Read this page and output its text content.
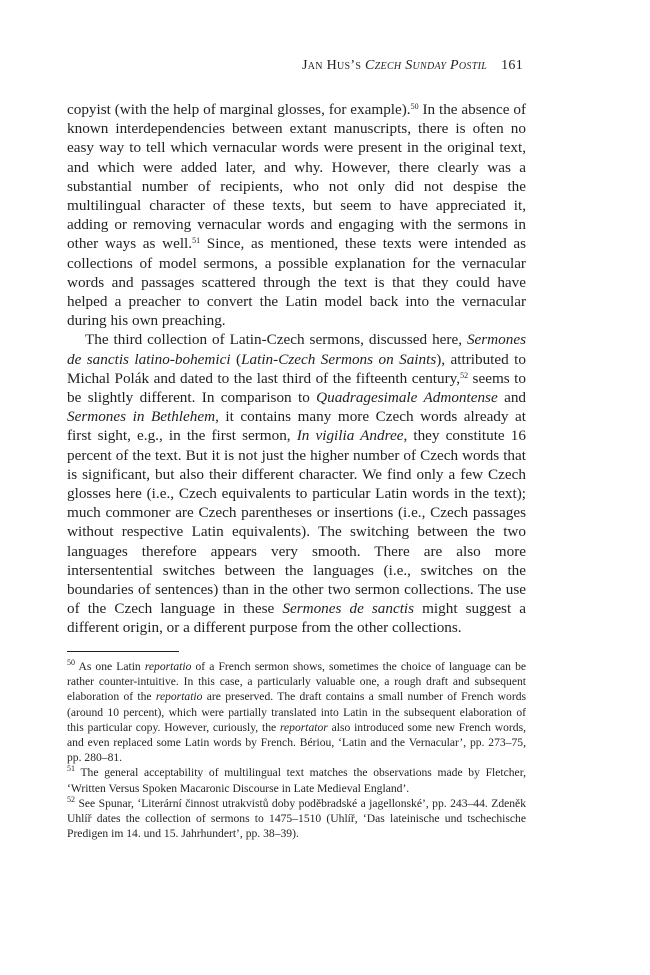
Jan Hus’s Czech Sunday Postil 161

copyist (with the help of marginal glosses, for example).$^{50}$ In the absence of known interdependencies between extant manuscripts, there is often no easy way to tell which vernacular words were present in the original text, and which were added later, and why. However, there clearly was a substantial number of recipients, who not only did not despise the multilingual character of these texts, but seem to have appreciated it, adding or removing vernacular words and engaging with the sermons in other ways as well.$^{51}$ Since, as mentioned, these texts were intended as collections of model sermons, a possible explanation for the vernacular words and passages scattered through the text is that they could have helped a preacher to convert the Latin model back into the vernacular during his own preaching.

The third collection of Latin-Czech sermons, discussed here, Sermones de sanctis latino-bohemici (Latin-Czech Sermons on Saints), attributed to Michal Polák and dated to the last third of the fifteenth century,$^{52}$ seems to be slightly different. In comparison to Quadragesimale Admontense and Sermones in Bethlehem, it contains many more Czech words already at first sight, e.g., in the first sermon, In vigilia Andree, they constitute 16 percent of the text. But it is not just the higher number of Czech words that is significant, but also their different character. We find only a few Czech glosses here (i.e., Czech equivalents to particular Latin words in the text); much commoner are Czech parentheses or insertions (i.e., Czech passages without respective Latin equivalents). The switching between the two languages therefore appears very smooth. There are also more intersentential switches between the languages (i.e., switches on the boundaries of sentences) than in the other two sermon collections. The use of the Czech language in these Sermones de sanctis might suggest a different origin, or a different purpose from the other collections.

$^{50}$ As one Latin reportatio of a French sermon shows, sometimes the choice of language can be rather counter-intuitive. In this case, a particularly valuable one, a rough draft and subsequent elaboration of the reportatio are preserved. The draft contains a small number of French words (around 10 percent), which were partially translated into Latin in the subsequent elaboration of this particular copy. However, curiously, the reportator also introduced some new French words, and even replaced some Latin words by French. Bériou, ‘Latin and the Vernacular’, pp. 273–75, pp. 280–81.

$^{51}$ The general acceptability of multilingual text matches the observations made by Fletcher, ‘Written Versus Spoken Macaronic Discourse in Late Medieval England’.

$^{52}$ See Spunar, ‘Literární činnost utrakvistů doby poděbradské a jagellonské’, pp. 243–44. Zdeněk Uhlíř dates the collection of sermons to 1475–1510 (Uhlíř, ‘Das lateinische und tschechische Predigen im 14. und 15. Jahrhundert’, pp. 38–39).
